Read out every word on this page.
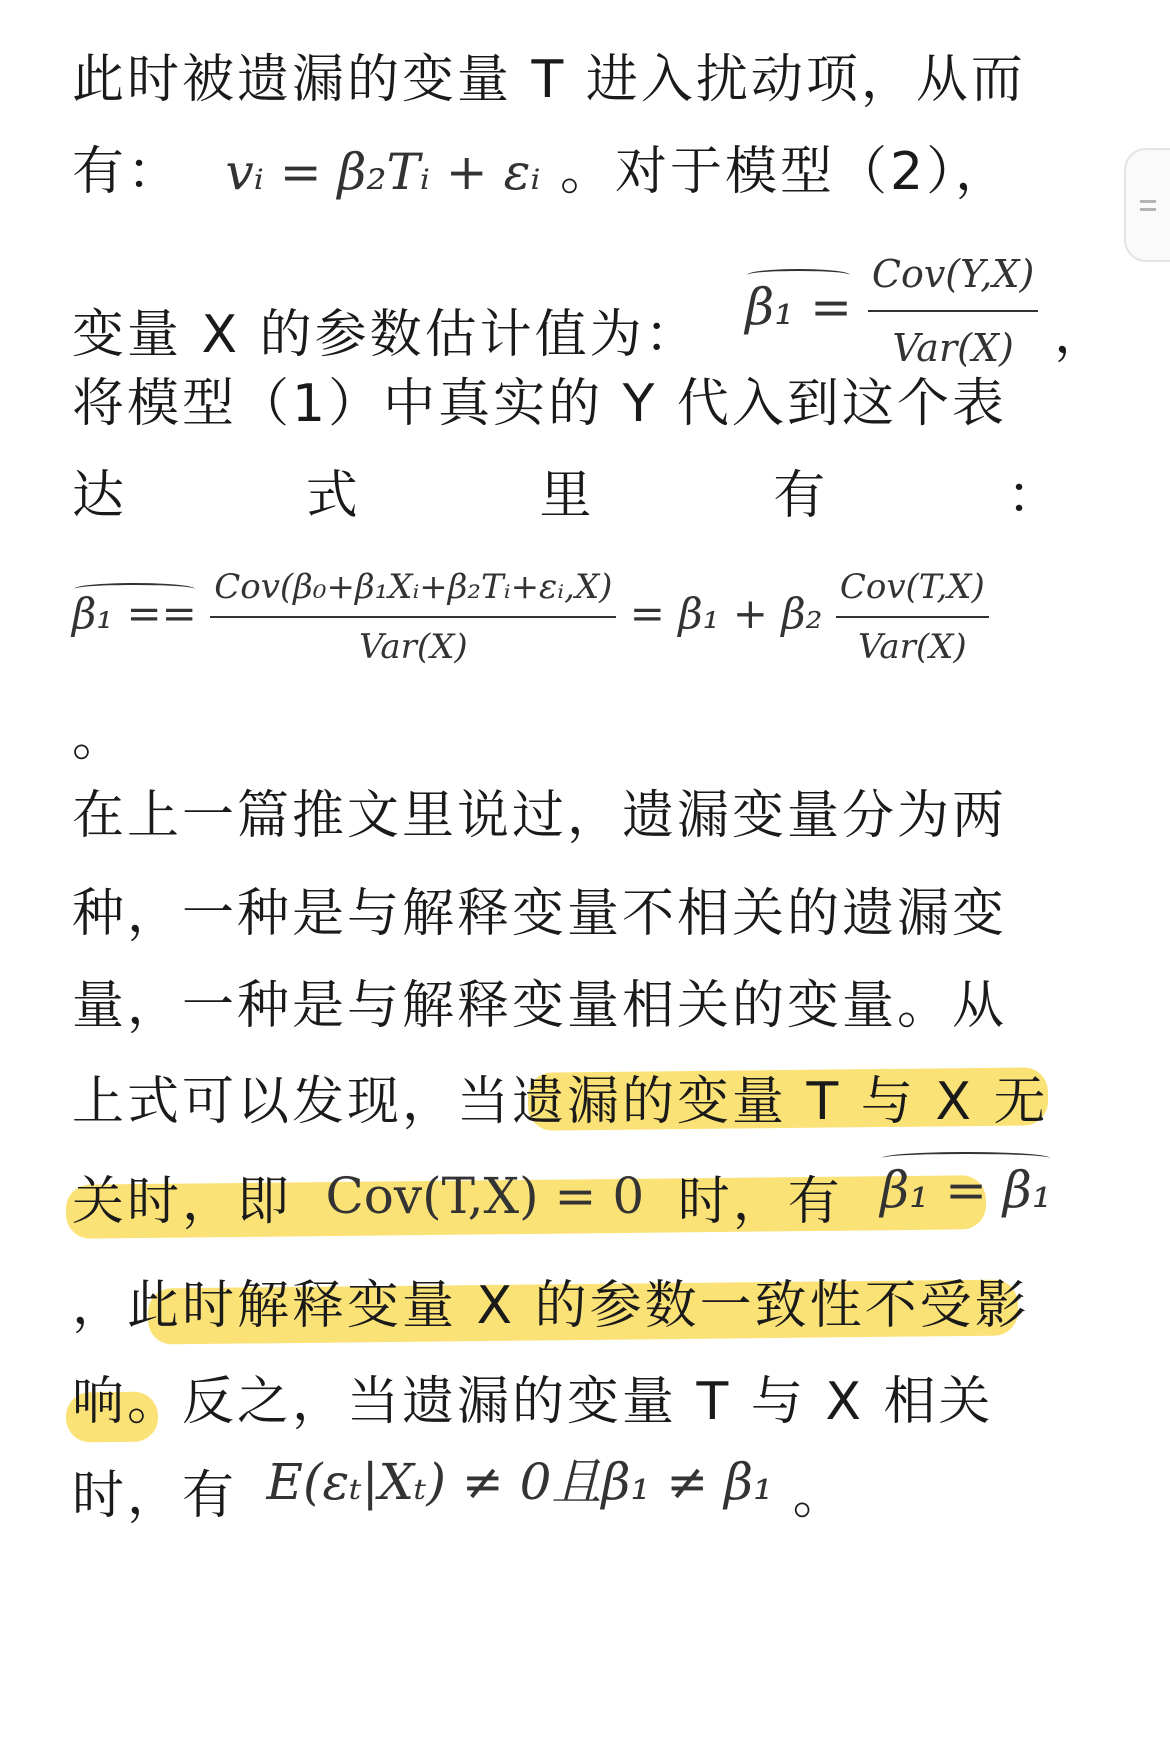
此时被遗漏的变量 T 进入扰动项，从而
有： vᵢ = β₂Tᵢ + εᵢ 。对于模型（2），
变量 X 的参数估计值为： $\beta_1 = \frac{\text{Cov(Y,X)}}{\text{Var(X)}}$ ，
将模型（1）中真实的 Y 代入到这个表
达	式	里	有	：
$\beta_1 == \frac{\text{Cov(β₀+β₁Xᵢ+β₂Tᵢ+εᵢ,X)}}{\text{Var(X)}} = \beta_1 + \beta_2 \frac{\text{Cov(T,X)}}{\text{Var(X)}}$
。
在上一篇推文里说过，遗漏变量分为两
种，一种是与解释变量不相关的遗漏变
量，一种是与解释变量相关的变量。从
上式可以发现，当遗漏的变量 T 与 X 无
关时，即 Cov(T,X) = 0 时，有 β₁ = β₁
，此时解释变量 X 的参数一致性不受影
响。反之，当遗漏的变量 T 与 X 相关
时，有 E(εₜ|Xₜ) ≠ 0且β₁ ≠ β₁ 。
